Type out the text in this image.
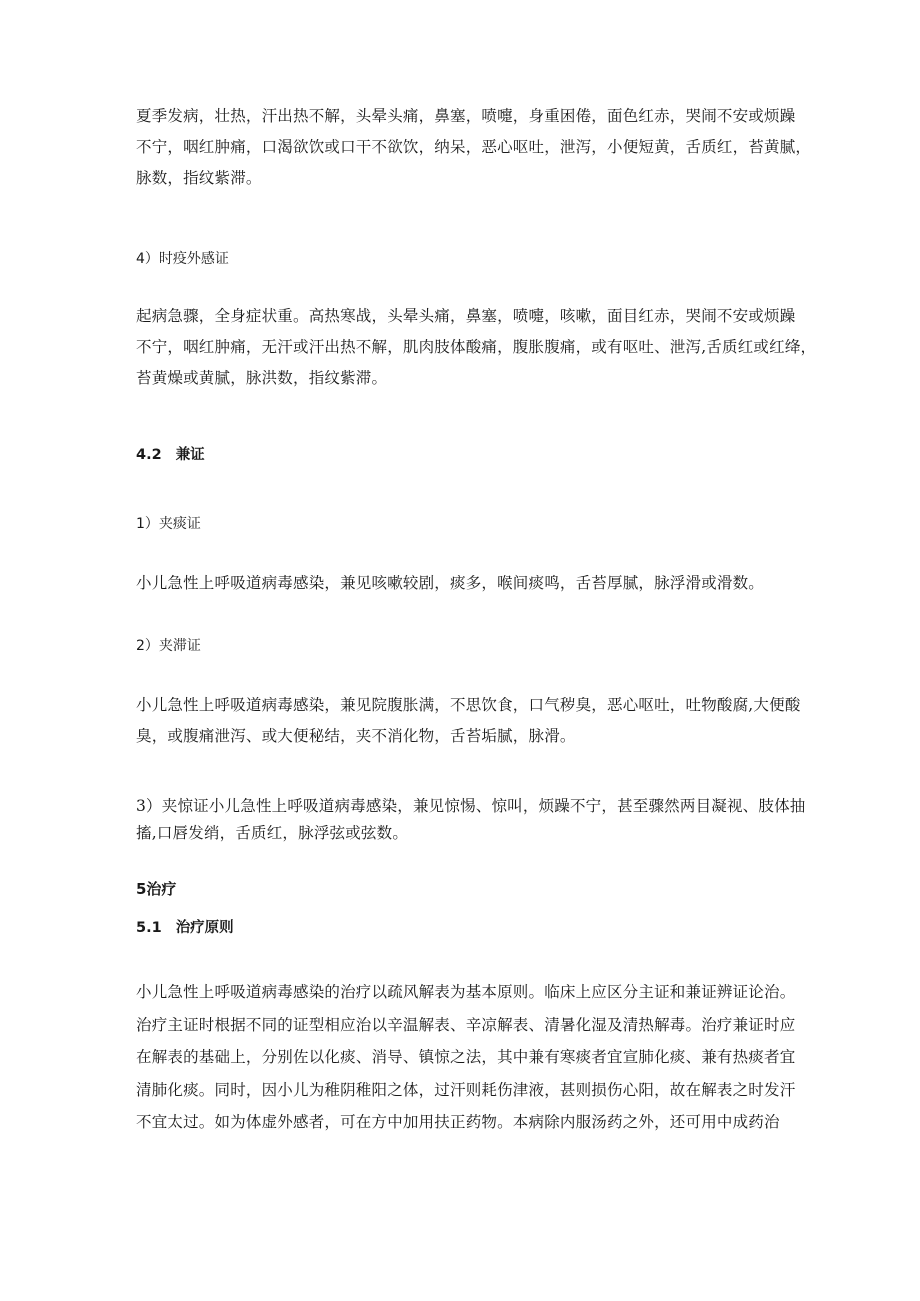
夏季发病，壮热，汗出热不解，头晕头痛，鼻塞，喷嚏，身重困倦，面色红赤，哭闹不安或烦躁
不宁，咽红肿痛，口渴欲饮或口干不欲饮，纳呆，恶心呕吐，泄泻，小便短黄，舌质红，苔黄腻，
脉数，指纹紫滞。

4）时疫外感证

起病急骤，全身症状重。高热寒战，头晕头痛，鼻塞，喷嚏，咳嗽，面目红赤，哭闹不安或烦躁
不宁，咽红肿痛，无汗或汗出热不解，肌肉肢体酸痛，腹胀腹痛，或有呕吐、泄泻,舌质红或红绛，
苔黄燥或黄腻，脉洪数，指纹紫滞。

4.2 兼证

1）夹痰证

小儿急性上呼吸道病毒感染，兼见咳嗽较剧，痰多，喉间痰鸣，舌苔厚腻，脉浮滑或滑数。

2）夹滞证

小儿急性上呼吸道病毒感染，兼见院腹胀满，不思饮食，口气秽臭，恶心呕吐，吐物酸腐,大便酸
臭，或腹痛泄泻、或大便秘结，夹不消化物，舌苔垢腻，脉滑。
3）夹惊证小儿急性上呼吸道病毒感染，兼见惊惕、惊叫，烦躁不宁，甚至骤然两目凝视、肢体抽
搐,口唇发绡，舌质红，脉浮弦或弦数。

5治疗

5.1 治疗原则

小儿急性上呼吸道病毒感染的治疗以疏风解表为基本原则。临床上应区分主证和兼证辨证论治。
治疗主证时根据不同的证型相应治以辛温解表、辛凉解表、清暑化湿及清热解毒。治疗兼证时应
在解表的基础上，分别佐以化痰、消导、镇惊之法，其中兼有寒痰者宜宣肺化痰、兼有热痰者宜
清肺化痰。同时，因小儿为稚阴稚阳之体，过汗则耗伤津液，甚则损伤心阳，故在解表之时发汗
不宜太过。如为体虚外感者，可在方中加用扶正药物。本病除内服汤药之外，还可用中成药治
